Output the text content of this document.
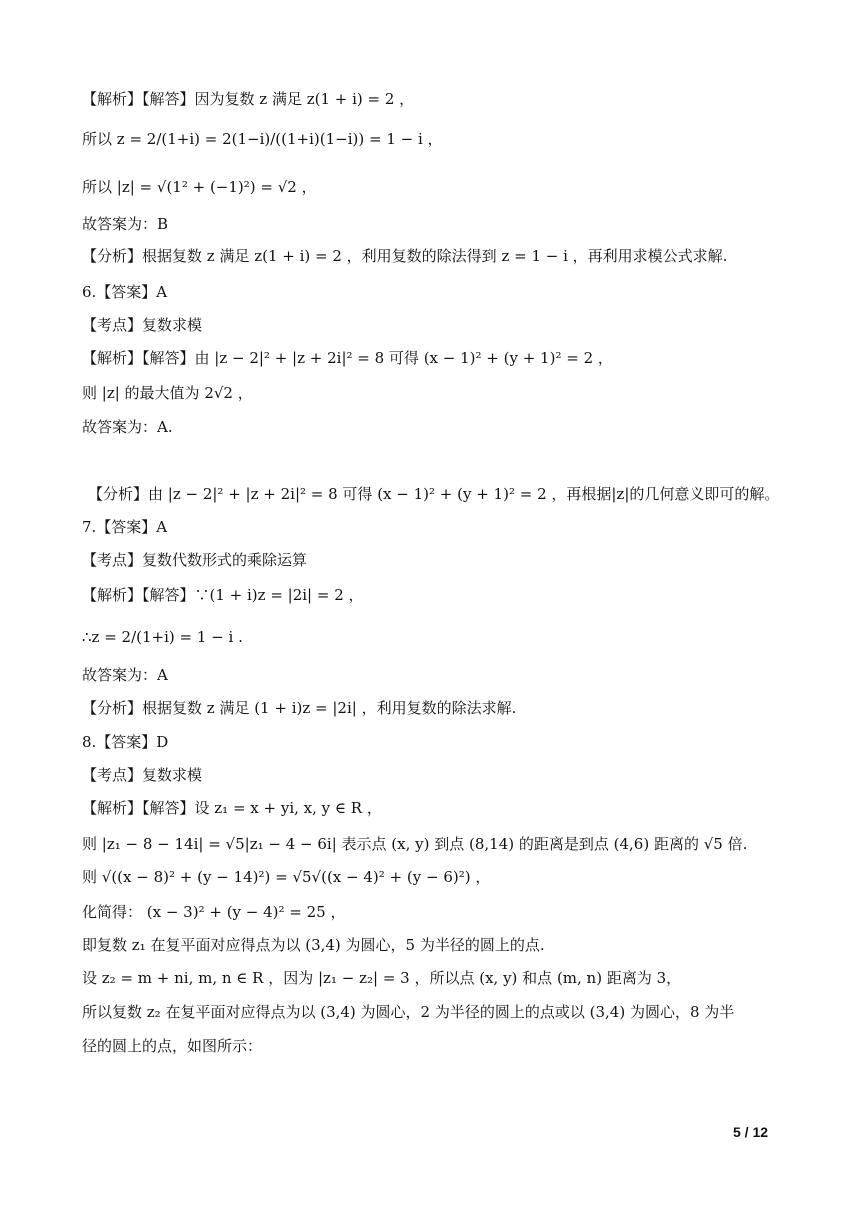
【解析】【解答】因为复数 z 满足 z(1 + i) = 2 ，
所以 z = 2/(1+i) = 2(1−i)/((1+i)(1−i)) = 1 − i ，
所以 |z| = √(1² + (−1)²) = √2 ，
故答案为：B
【分析】根据复数 z 满足 z(1 + i) = 2 ，利用复数的除法得到 z = 1 − i ，再利用求模公式求解.
6.【答案】A
【考点】复数求模
【解析】【解答】由 |z − 2|² + |z + 2i|² = 8 可得 (x − 1)² + (y + 1)² = 2 ，
则 |z| 的最大值为 2√2 ，
故答案为：A.
【分析】由 |z − 2|² + |z + 2i|² = 8 可得 (x − 1)² + (y + 1)² = 2 ，再根据|z|的几何意义即可的解。
7.【答案】A
【考点】复数代数形式的乘除运算
【解析】【解答】∵(1 + i)z = |2i| = 2 ，
∴z = 2/(1+i) = 1 − i .
故答案为：A
【分析】根据复数 z 满足 (1 + i)z = |2i| ，利用复数的除法求解.
8.【答案】D
【考点】复数求模
【解析】【解答】设 z₁ = x + yi, x, y ∈ R ，
则 |z₁ − 8 − 14i| = √5|z₁ − 4 − 6i| 表示点 (x, y) 到点 (8,14) 的距离是到点 (4,6) 距离的 √5 倍.
则 √((x − 8)² + (y − 14)²) = √5√((x − 4)² + (y − 6)²) ，
化简得： (x − 3)² + (y − 4)² = 25 ，
即复数 z₁ 在复平面对应得点为以 (3,4) 为圆心，5 为半径的圆上的点.
设 z₂ = m + ni, m, n ∈ R ，因为 |z₁ − z₂| = 3 ，所以点 (x, y) 和点 (m, n) 距离为 3，
所以复数 z₂ 在复平面对应得点为以 (3,4) 为圆心，2 为半径的圆上的点或以 (3,4) 为圆心，8 为半
径的圆上的点，如图所示：
5 / 12
